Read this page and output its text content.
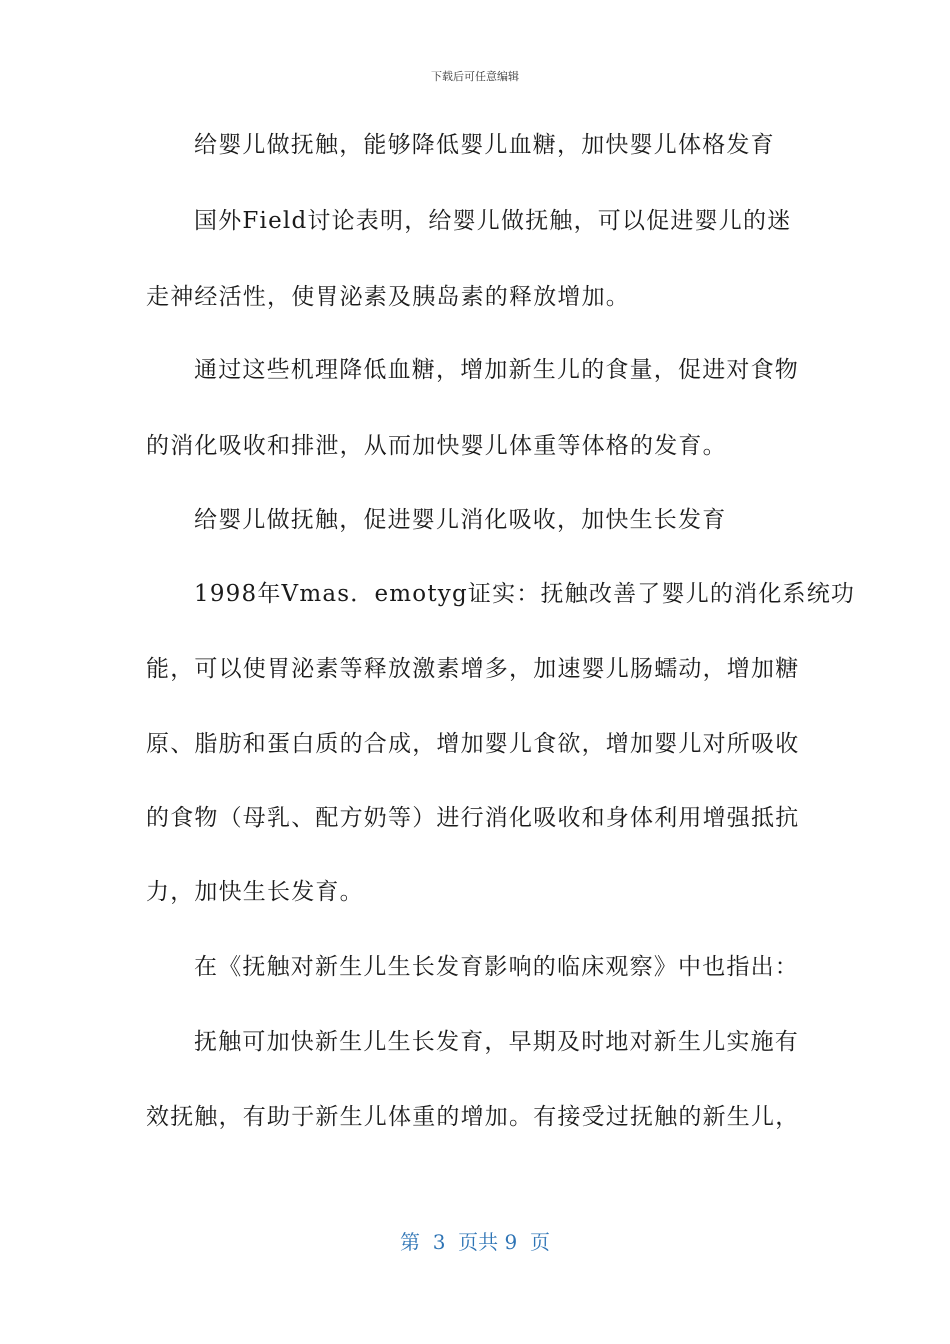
下载后可任意编辑
给婴儿做抚触，能够降低婴儿血糖，加快婴儿体格发育
国外Field讨论表明，给婴儿做抚触，可以促进婴儿的迷
走神经活性，使胃泌素及胰岛素的释放增加。
通过这些机理降低血糖，增加新生儿的食量，促进对食物
的消化吸收和排泄，从而加快婴儿体重等体格的发育。
给婴儿做抚触，促进婴儿消化吸收，加快生长发育
1998年Vmas．emotyg证实：抚触改善了婴儿的消化系统功
能，可以使胃泌素等释放激素增多，加速婴儿肠蠕动，增加糖
原、脂肪和蛋白质的合成，增加婴儿食欲，增加婴儿对所吸收
的食物（母乳、配方奶等）进行消化吸收和身体利用增强抵抗
力，加快生长发育。
在《抚触对新生儿生长发育影响的临床观察》中也指出：
抚触可加快新生儿生长发育，早期及时地对新生儿实施有
效抚触，有助于新生儿体重的增加。有接受过抚触的新生儿，
第  3  页共 9  页
